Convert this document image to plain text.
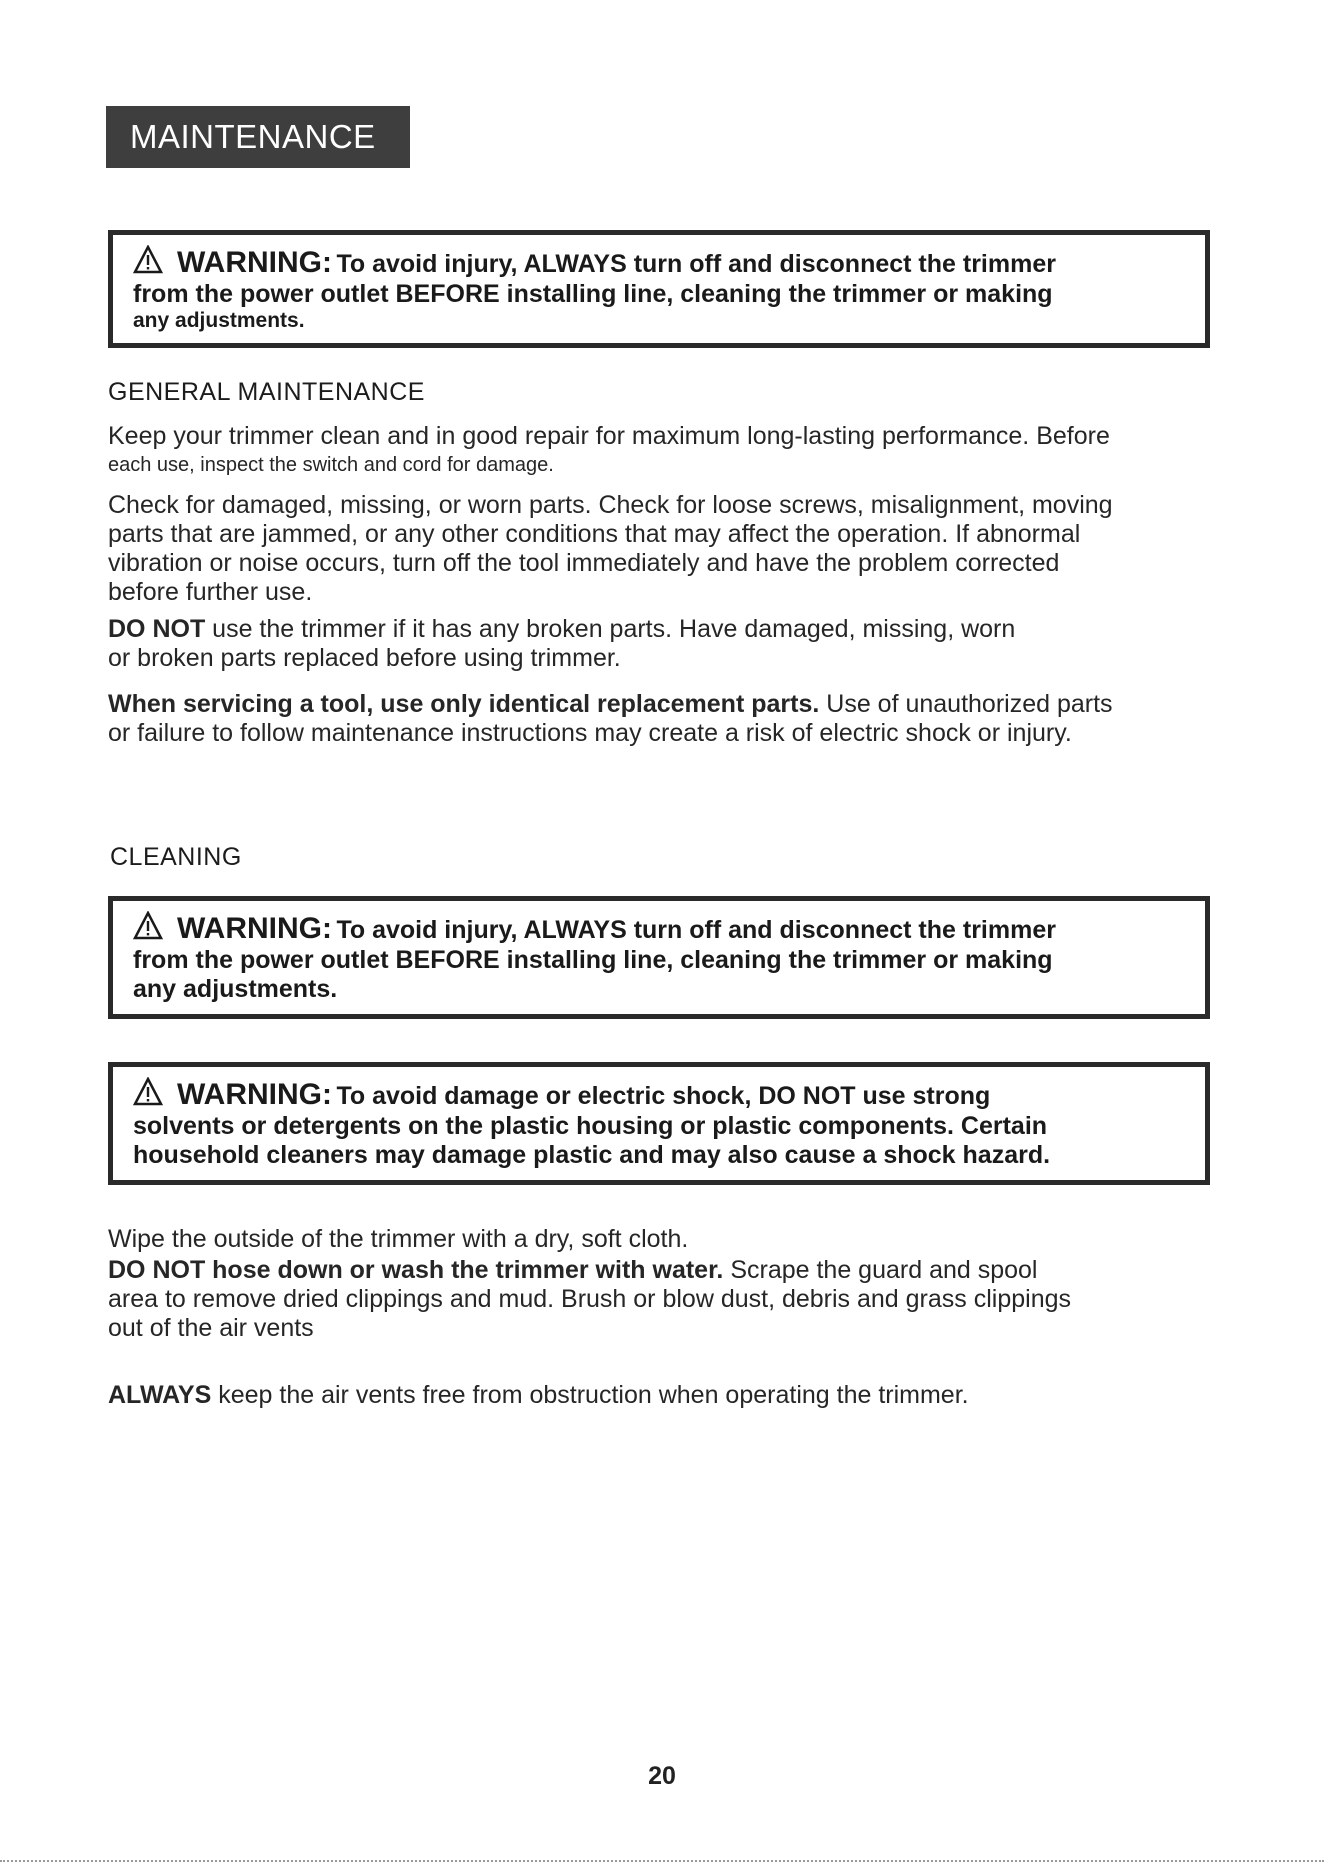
MAINTENANCE
WARNING: To avoid injury, ALWAYS turn off and disconnect the trimmer
from the power outlet BEFORE installing line, cleaning the trimmer or making
any adjustments.
GENERAL MAINTENANCE
Keep your trimmer clean and in good repair for maximum long-lasting performance. Before
each use, inspect the switch and cord for damage.
Check for damaged, missing, or worn parts. Check for loose screws, misalignment, moving
parts that are jammed, or any other conditions that may affect the operation. If abnormal
vibration or noise occurs, turn off the tool immediately and have the problem corrected
before further use.
DO NOT use the trimmer if it has any broken parts. Have damaged, missing, worn
or broken parts replaced before using trimmer.
When servicing a tool, use only identical replacement parts. Use of unauthorized parts
or failure to follow maintenance instructions may create a risk of electric shock or injury.
CLEANING
WARNING: To avoid injury, ALWAYS turn off and disconnect the trimmer
from the power outlet BEFORE installing line, cleaning the trimmer or making
any adjustments.
WARNING: To avoid damage or electric shock, DO NOT use strong
solvents or detergents on the plastic housing or plastic components. Certain
household cleaners may damage plastic and may also cause a shock hazard.
Wipe the outside of the trimmer with a dry, soft cloth.
DO NOT hose down or wash the trimmer with water. Scrape the guard and spool
area to remove dried clippings and mud. Brush or blow dust, debris and grass clippings
out of the air vents
ALWAYS keep the air vents free from obstruction when operating the trimmer.
20
